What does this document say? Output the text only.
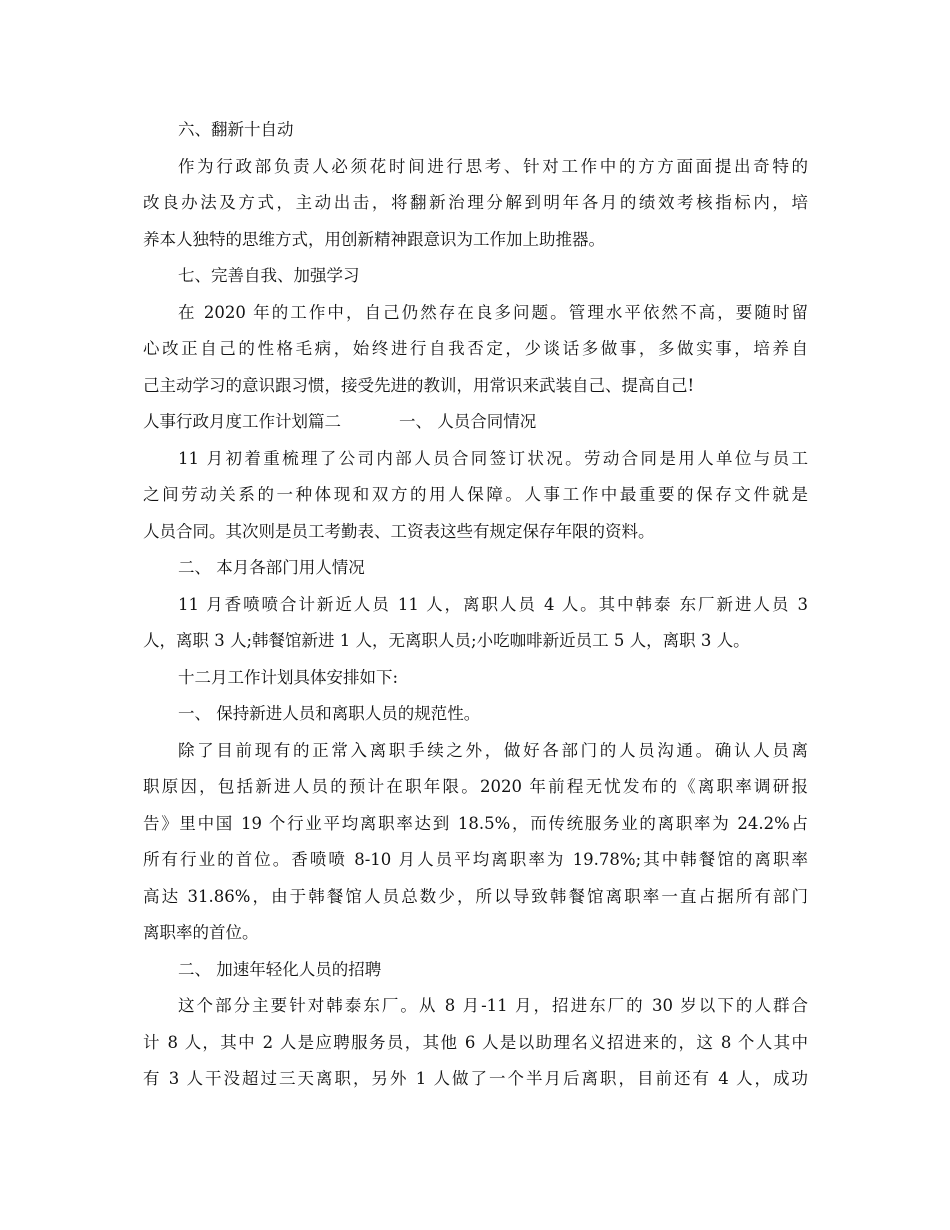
六、翻新十自动
作为行政部负责人必须花时间进行思考、针对工作中的方方面面提出奇特的
改良办法及方式，主动出击，将翻新治理分解到明年各月的绩效考核指标内，培
养本人独特的思维方式，用创新精神跟意识为工作加上助推器。
七、完善自我、加强学习
在 2020 年的工作中，自己仍然存在良多问题。管理水平依然不高，要随时留
心改正自己的性格毛病，始终进行自我否定，少谈话多做事，多做实事，培养自
己主动学习的意识跟习惯，接受先进的教训，用常识来武装自己、提高自己!
人事行政月度工作计划篇二	一、 人员合同情况
11 月初着重梳理了公司内部人员合同签订状况。劳动合同是用人单位与员工
之间劳动关系的一种体现和双方的用人保障。人事工作中最重要的保存文件就是
人员合同。其次则是员工考勤表、工资表这些有规定保存年限的资料。
二、 本月各部门用人情况
11 月香喷喷合计新近人员 11 人，离职人员 4 人。其中韩泰 东厂新进人员 3
人，离职 3 人;韩餐馆新进 1 人，无离职人员;小吃咖啡新近员工 5 人，离职 3 人。
十二月工作计划具体安排如下:
一、 保持新进人员和离职人员的规范性。
除了目前现有的正常入离职手续之外，做好各部门的人员沟通。确认人员离
职原因，包括新进人员的预计在职年限。2020 年前程无忧发布的《离职率调研报
告》里中国 19 个行业平均离职率达到 18.5%，而传统服务业的离职率为 24.2%占
所有行业的首位。香喷喷 8-10 月人员平均离职率为 19.78%;其中韩餐馆的离职率
高达 31.86%，由于韩餐馆人员总数少，所以导致韩餐馆离职率一直占据所有部门
离职率的首位。
二、 加速年轻化人员的招聘
这个部分主要针对韩泰东厂。从 8 月-11 月，招进东厂的 30 岁以下的人群合
计 8 人，其中 2 人是应聘服务员，其他 6 人是以助理名义招进来的，这 8 个人其中
有 3 人干没超过三天离职，另外 1 人做了一个半月后离职，目前还有 4 人，成功
